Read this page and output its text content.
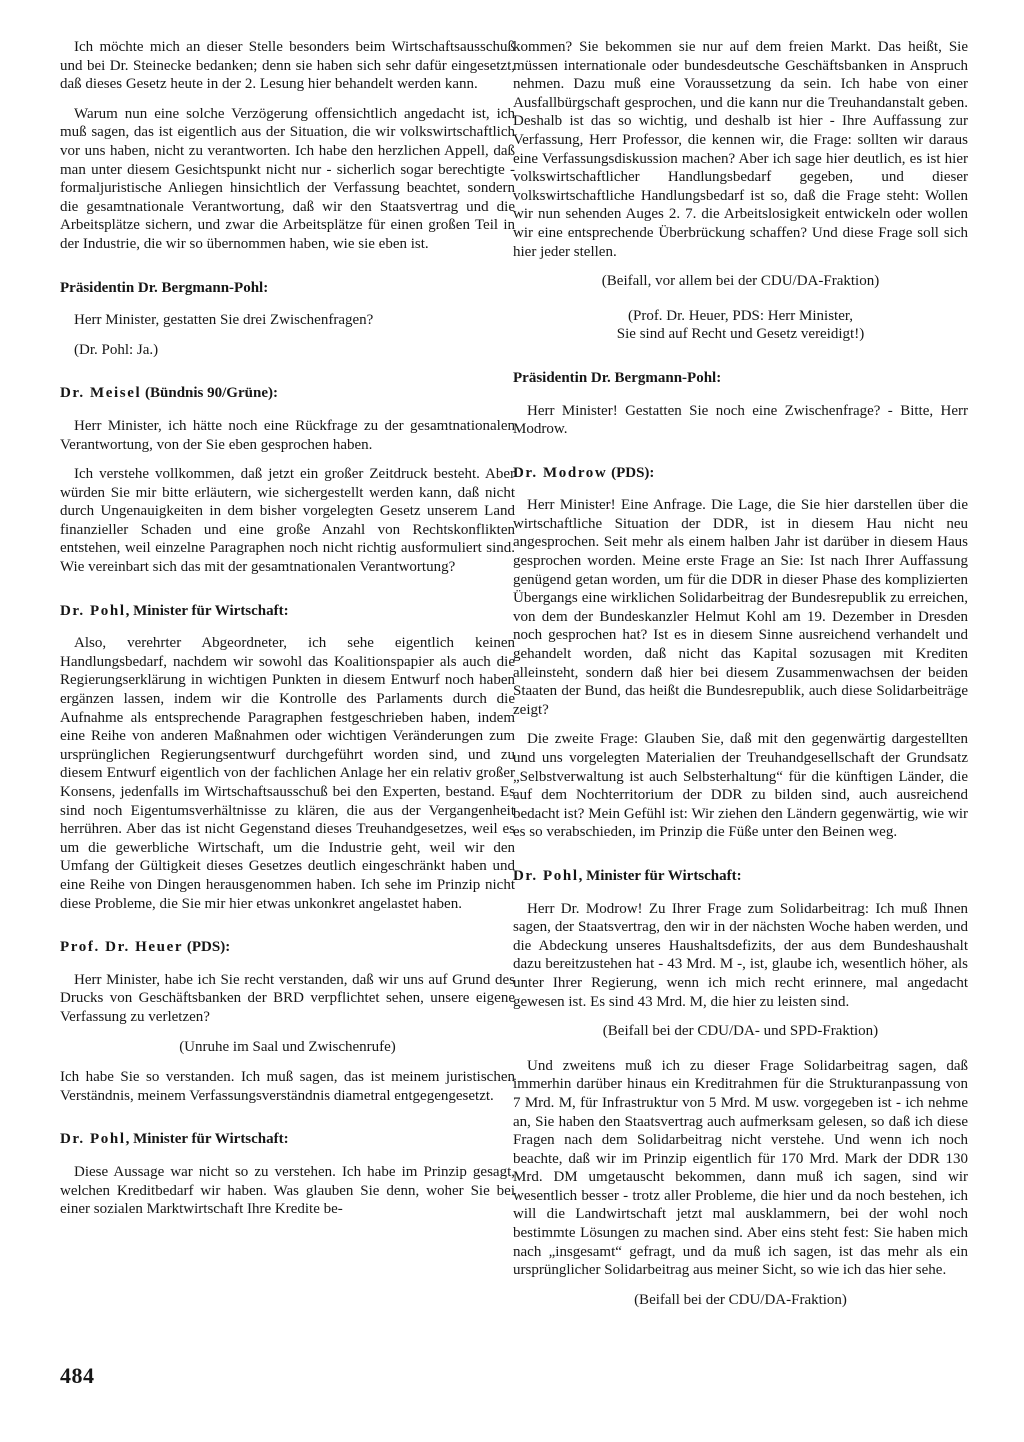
Ich möchte mich an dieser Stelle besonders beim Wirtschaftsausschuß und bei Dr. Steinecke bedanken; denn sie haben sich sehr dafür eingesetzt, daß dieses Gesetz heute in der 2. Lesung hier behandelt werden kann.

Warum nun eine solche Verzögerung offensichtlich angedacht ist, ich muß sagen, das ist eigentlich aus der Situation, die wir volkswirtschaftlich vor uns haben, nicht zu verantworten. Ich habe den herzlichen Appell, daß man unter diesem Gesichtspunkt nicht nur - sicherlich sogar berechtigte - formaljuristische Anliegen hinsichtlich der Verfassung beachtet, sondern die gesamtnationale Verantwortung, daß wir den Staatsvertrag und die Arbeitsplätze sichern, und zwar die Arbeitsplätze für einen großen Teil in der Industrie, die wir so übernommen haben, wie sie eben ist.

Präsidentin Dr. Bergmann-Pohl:

Herr Minister, gestatten Sie drei Zwischenfragen?

(Dr. Pohl: Ja.)

Dr. Meisel (Bündnis 90/Grüne):

Herr Minister, ich hätte noch eine Rückfrage zu der gesamtnationalen Verantwortung, von der Sie eben gesprochen haben.

Ich verstehe vollkommen, daß jetzt ein großer Zeitdruck besteht. Aber würden Sie mir bitte erläutern, wie sichergestellt werden kann, daß nicht durch Ungenauigkeiten in dem bisher vorgelegten Gesetz unserem Land finanzieller Schaden und eine große Anzahl von Rechtskonflikten entstehen, weil einzelne Paragraphen noch nicht richtig ausformuliert sind. Wie vereinbart sich das mit der gesamtnationalen Verantwortung?

Dr. Pohl, Minister für Wirtschaft:

Also, verehrter Abgeordneter, ich sehe eigentlich keinen Handlungsbedarf, nachdem wir sowohl das Koalitionspapier als auch die Regierungserklärung in wichtigen Punkten in diesem Entwurf noch haben ergänzen lassen, indem wir die Kontrolle des Parlaments durch die Aufnahme als entsprechende Paragraphen festgeschrieben haben, indem eine Reihe von anderen Maßnahmen oder wichtigen Veränderungen zum ursprünglichen Regierungsentwurf durchgeführt worden sind, und zu diesem Entwurf eigentlich von der fachlichen Anlage her ein relativ großer Konsens, jedenfalls im Wirtschaftsausschuß bei den Experten, bestand. Es sind noch Eigentumsverhältnisse zu klären, die aus der Vergangenheit herrühren. Aber das ist nicht Gegenstand dieses Treuhandgesetzes, weil es um die gewerbliche Wirtschaft, um die Industrie geht, weil wir den Umfang der Gültigkeit dieses Gesetzes deutlich eingeschränkt haben und eine Reihe von Dingen herausgenommen haben. Ich sehe im Prinzip nicht diese Probleme, die Sie mir hier etwas unkonkret angelastet haben.

Prof. Dr. Heuer (PDS):

Herr Minister, habe ich Sie recht verstanden, daß wir uns auf Grund des Drucks von Geschäftsbanken der BRD verpflichtet sehen, unsere eigene Verfassung zu verletzen?

(Unruhe im Saal und Zwischenrufe)

Ich habe Sie so verstanden. Ich muß sagen, das ist meinem juristischen Verständnis, meinem Verfassungsverständnis diametral entgegengesetzt.

Dr. Pohl, Minister für Wirtschaft:

Diese Aussage war nicht so zu verstehen. Ich habe im Prinzip gesagt, welchen Kreditbedarf wir haben. Was glauben Sie denn, woher Sie bei einer sozialen Marktwirtschaft Ihre Kredite be-

kommen? Sie bekommen sie nur auf dem freien Markt. Das heißt, Sie müssen internationale oder bundesdeutsche Geschäftsbanken in Anspruch nehmen. Dazu muß eine Voraussetzung da sein. Ich habe von einer Ausfallbürgschaft gesprochen, und die kann nur die Treuhandanstalt geben. Deshalb ist das so wichtig, und deshalb ist hier - Ihre Auffassung zur Verfassung, Herr Professor, die kennen wir, die Frage: sollten wir daraus eine Verfassungsdiskussion machen? Aber ich sage hier deutlich, es ist hier volkswirtschaftlicher Handlungsbedarf gegeben, und dieser volkswirtschaftliche Handlungsbedarf ist so, daß die Frage steht: Wollen wir nun sehenden Auges 2. 7. die Arbeitslosigkeit entwickeln oder wollen wir eine entsprechende Überbrückung schaffen? Und diese Frage soll sich hier jeder stellen.

(Beifall, vor allem bei der CDU/DA-Fraktion)

(Prof. Dr. Heuer, PDS: Herr Minister,
Sie sind auf Recht und Gesetz vereidigt!)

Präsidentin Dr. Bergmann-Pohl:

Herr Minister! Gestatten Sie noch eine Zwischenfrage? - Bitte, Herr Modrow.

Dr. Modrow (PDS):

Herr Minister! Eine Anfrage. Die Lage, die Sie hier darstellen über die wirtschaftliche Situation der DDR, ist in diesem Hau nicht neu angesprochen. Seit mehr als einem halben Jahr ist darüber in diesem Haus gesprochen worden. Meine erste Frage an Sie: Ist nach Ihrer Auffassung genügend getan worden, um für die DDR in dieser Phase des komplizierten Übergangs eine wirklichen Solidarbeitrag der Bundesrepublik zu erreichen, von dem der Bundeskanzler Helmut Kohl am 19. Dezember in Dresden noch gesprochen hat? Ist es in diesem Sinne ausreichend verhandelt und gehandelt worden, daß nicht das Kapital sozusagen mit Krediten alleinsteht, sondern daß hier bei diesem Zusammenwachsen der beiden Staaten der Bund, das heißt die Bundesrepublik, auch diese Solidarbeiträge zeigt?

Die zweite Frage: Glauben Sie, daß mit den gegenwärtig dargestellten und uns vorgelegten Materialien der Treuhandgesellschaft der Grundsatz „Selbstverwaltung ist auch Selbsterhaltung“ für die künftigen Länder, die auf dem Nochterritorium der DDR zu bilden sind, auch ausreichend bedacht ist? Mein Gefühl ist: Wir ziehen den Ländern gegenwärtig, wie wir es so verabschieden, im Prinzip die Füße unter den Beinen weg.

Dr. Pohl, Minister für Wirtschaft:

Herr Dr. Modrow! Zu Ihrer Frage zum Solidarbeitrag: Ich muß Ihnen sagen, der Staatsvertrag, den wir in der nächsten Woche haben werden, und die Abdeckung unseres Haushaltsdefizits, der aus dem Bundeshaushalt dazu bereitzustehen hat - 43 Mrd. M -, ist, glaube ich, wesentlich höher, als unter Ihrer Regierung, wenn ich mich recht erinnere, mal angedacht gewesen ist. Es sind 43 Mrd. M, die hier zu leisten sind.

(Beifall bei der CDU/DA- und SPD-Fraktion)

Und zweitens muß ich zu dieser Frage Solidarbeitrag sagen, daß immerhin darüber hinaus ein Kreditrahmen für die Strukturanpassung von 7 Mrd. M, für Infrastruktur von 5 Mrd. M usw. vorgegeben ist - ich nehme an, Sie haben den Staatsvertrag auch aufmerksam gelesen, so daß ich diese Fragen nach dem Solidarbeitrag nicht verstehe. Und wenn ich noch beachte, daß wir im Prinzip eigentlich für 170 Mrd. Mark der DDR 130 Mrd. DM umgetauscht bekommen, dann muß ich sagen, sind wir wesentlich besser - trotz aller Probleme, die hier und da noch bestehen, ich will die Landwirtschaft jetzt mal ausklammern, bei der wohl noch bestimmte Lösungen zu machen sind. Aber eins steht fest: Sie haben mich nach „insgesamt“ gefragt, und da muß ich sagen, ist das mehr als ein ursprünglicher Solidarbeitrag aus meiner Sicht, so wie ich das hier sehe.

(Beifall bei der CDU/DA-Fraktion)

484
